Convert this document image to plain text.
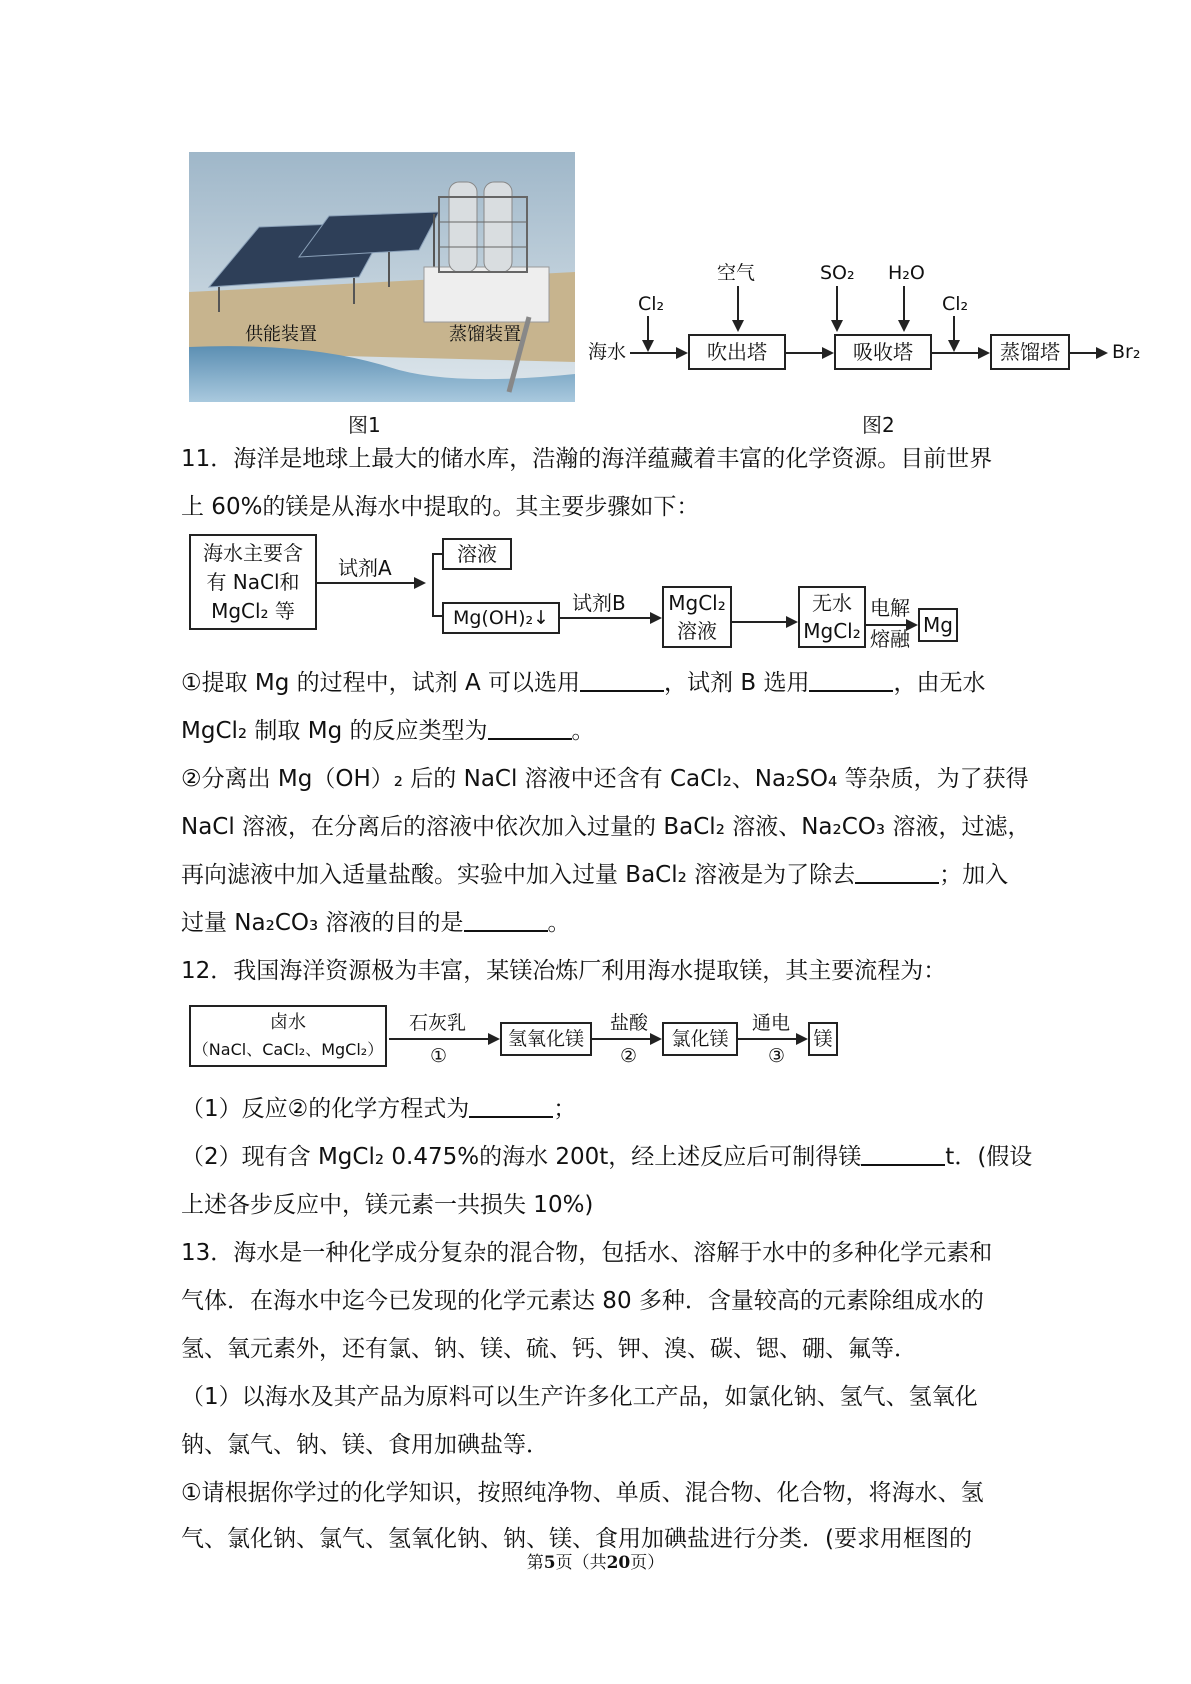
供能装置	蒸馏装置
图1
海水
Cl₂
吹出塔
空气
吸收塔
SO₂ H₂O
Cl₂
蒸馏塔	Br₂
图2
11．海洋是地球上最大的储水库，浩瀚的海洋蕴藏着丰富的化学资源。目前世界
上 60%的镁是从海水中提取的。其主要步骤如下：
海水主要含
有 NaCl和
MgCl₂ 等
试剂A
溶液
Mg(OH)₂↓
试剂B MgCl₂
溶液
无水
MgCl₂
电解
熔融
Mg
①提取 Mg 的过程中，试剂 A 可以选用	，试剂 B 选用	，由无水
MgCl₂ 制取 Mg 的反应类型为	。
②分离出 Mg（OH）₂ 后的 NaCl 溶液中还含有 CaCl₂、Na₂SO₄ 等杂质，为了获得
NaCl 溶液，在分离后的溶液中依次加入过量的 BaCl₂ 溶液、Na₂CO₃ 溶液，过滤，
再向滤液中加入适量盐酸。实验中加入过量 BaCl₂ 溶液是为了除去	；加入
过量 Na₂CO₃ 溶液的目的是	。
12．我国海洋资源极为丰富，某镁冶炼厂利用海水提取镁，其主要流程为：
卤水
（NaCl、CaCl₂、MgCl₂）
石灰乳
①
氢氧化镁
盐酸
②
氯化镁
通电
③
镁
（1）反应②的化学方程式为	；
（2）现有含 MgCl₂ 0.475%的海水 200t，经上述反应后可制得镁	t．(假设
上述各步反应中，镁元素一共损失 10%)
13．海水是一种化学成分复杂的混合物，包括水、溶解于水中的多种化学元素和
气体．在海水中迄今已发现的化学元素达 80 多种．含量较高的元素除组成水的
氢、氧元素外，还有氯、钠、镁、硫、钙、钾、溴、碳、锶、硼、氟等．
（1）以海水及其产品为原料可以生产许多化工产品，如氯化钠、氢气、氢氧化
钠、氯气、钠、镁、食用加碘盐等．
①请根据你学过的化学知识，按照纯净物、单质、混合物、化合物，将海水、氢
气、氯化钠、氯气、氢氧化钠、钠、镁、食用加碘盐进行分类．(要求用框图的
第5页（共20页）
